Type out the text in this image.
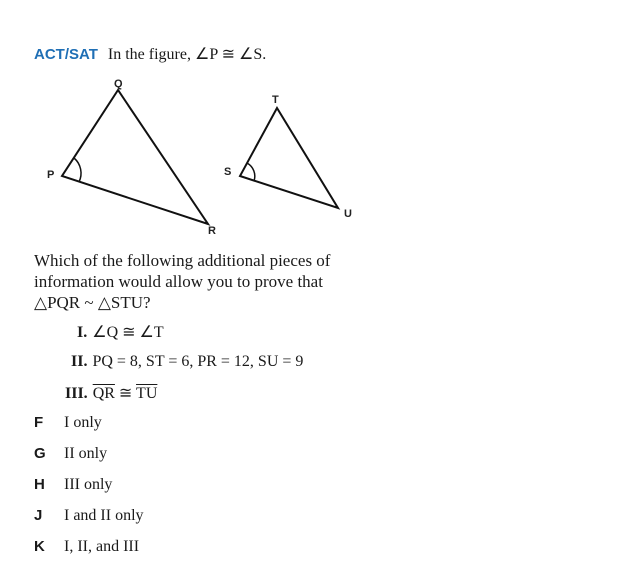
ACT/SAT In the figure, ∠P ≅ ∠S.
Q
P
R
T
S
U
Which of the following additional pieces of
information would allow you to prove that
△PQR ~ △STU?
I. ∠Q ≅ ∠T
II. PQ = 8, ST = 6, PR = 12, SU = 9
III. $\overline{QR}$ ≅ $\overline{TU}$
F I only
G II only
H III only
J I and II only
K I, II, and III
